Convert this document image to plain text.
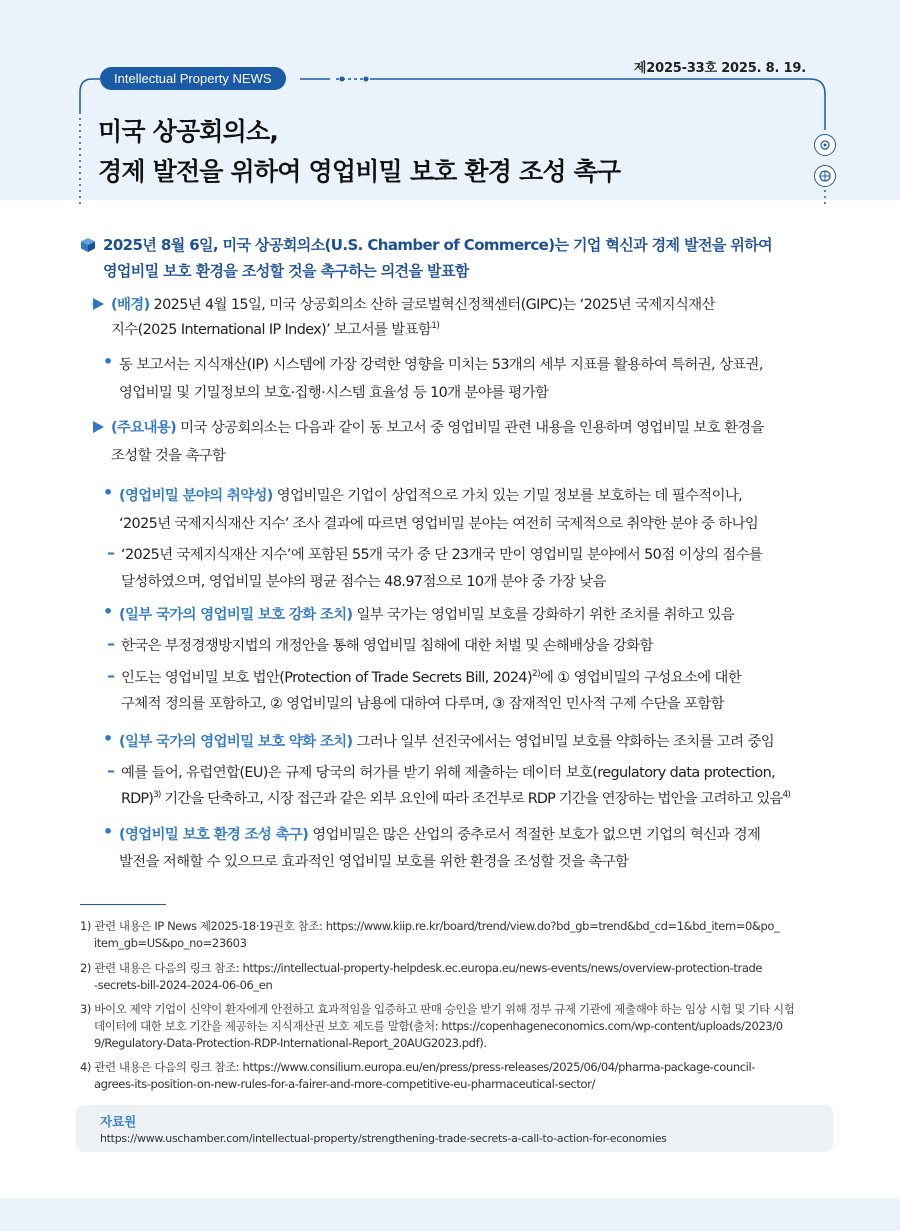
제2025-33호 2025. 8. 19.
Intellectual Property NEWS
미국 상공회의소,
경제 발전을 위하여 영업비밀 보호 환경 조성 촉구
2025년 8월 6일, 미국 상공회의소(U.S. Chamber of Commerce)는 기업 혁신과 경제 발전을 위하여
영업비밀 보호 환경을 조성할 것을 촉구하는 의견을 발표함
(배경) 2025년 4월 15일, 미국 상공회의소 산하 글로벌혁신정책센터(GIPC)는 ‘2025년 국제지식재산
지수(2025 International IP Index)’ 보고서를 발표함$^{1)}$
• 동 보고서는 지식재산(IP) 시스템에 가장 강력한 영향을 미치는 53개의 세부 지표를 활용하여 특허권, 상표권,
영업비밀 및 기밀정보의 보호·집행·시스템 효율성 등 10개 분야를 평가함
(주요내용) 미국 상공회의소는 다음과 같이 동 보고서 중 영업비밀 관련 내용을 인용하며 영업비밀 보호 환경을
조성할 것을 촉구함
• (영업비밀 분야의 취약성) 영업비밀은 기업이 상업적으로 가치 있는 기밀 정보를 보호하는 데 필수적이나,
‘2025년 국제지식재산 지수’ 조사 결과에 따르면 영업비밀 분야는 여전히 국제적으로 취약한 분야 중 하나임
– ‘2025년 국제지식재산 지수’에 포함된 55개 국가 중 단 23개국 만이 영업비밀 분야에서 50점 이상의 점수를
달성하였으며, 영업비밀 분야의 평균 점수는 48.97점으로 10개 분야 중 가장 낮음
• (일부 국가의 영업비밀 보호 강화 조치) 일부 국가는 영업비밀 보호를 강화하기 위한 조치를 취하고 있음
– 한국은 부정경쟁방지법의 개정안을 통해 영업비밀 침해에 대한 처벌 및 손해배상을 강화함
– 인도는 영업비밀 보호 법안(Protection of Trade Secrets Bill, 2024)$^{2)}$에 ① 영업비밀의 구성요소에 대한
구체적 정의를 포함하고, ② 영업비밀의 남용에 대하여 다루며, ③ 잠재적인 민사적 구제 수단을 포함함
• (일부 국가의 영업비밀 보호 약화 조치) 그러나 일부 선진국에서는 영업비밀 보호를 약화하는 조치를 고려 중임
– 예를 들어, 유럽연합(EU)은 규제 당국의 허가를 받기 위해 제출하는 데이터 보호(regulatory data protection,
RDP)$^{3)}$ 기간을 단축하고, 시장 접근과 같은 외부 요인에 따라 조건부로 RDP 기간을 연장하는 법안을 고려하고 있음$^{4)}$
• (영업비밀 보호 환경 조성 촉구) 영업비밀은 많은 산업의 중추로서 적절한 보호가 없으면 기업의 혁신과 경제
발전을 저해할 수 있으므로 효과적인 영업비밀 보호를 위한 환경을 조성할 것을 촉구함
1) 관련 내용은 IP News 제2025-18·19권호 참조: https://www.kiip.re.kr/board/trend/view.do?bd_gb=trend&bd_cd=1&bd_item=0&po_
item_gb=US&po_no=23603
2) 관련 내용은 다음의 링크 참조: https://intellectual-property-helpdesk.ec.europa.eu/news-events/news/overview-protection-trade
-secrets-bill-2024-2024-06-06_en
3) 바이오 제약 기업이 신약이 환자에게 안전하고 효과적임을 입증하고 판매 승인을 받기 위해 정부 규제 기관에 제출해야 하는 임상 시험 및 기타 시험
데이터에 대한 보호 기간을 제공하는 지식재산권 보호 제도를 말함(출처: https://copenhageneconomics.com/wp-content/uploads/2023/0
9/Regulatory-Data-Protection-RDP-International-Report_20AUG2023.pdf).
4) 관련 내용은 다음의 링크 참조: https://www.consilium.europa.eu/en/press/press-releases/2025/06/04/pharma-package-council-
agrees-its-position-on-new-rules-for-a-fairer-and-more-competitive-eu-pharmaceutical-sector/
자료원
https://www.uschamber.com/intellectual-property/strengthening-trade-secrets-a-call-to-action-for-economies
